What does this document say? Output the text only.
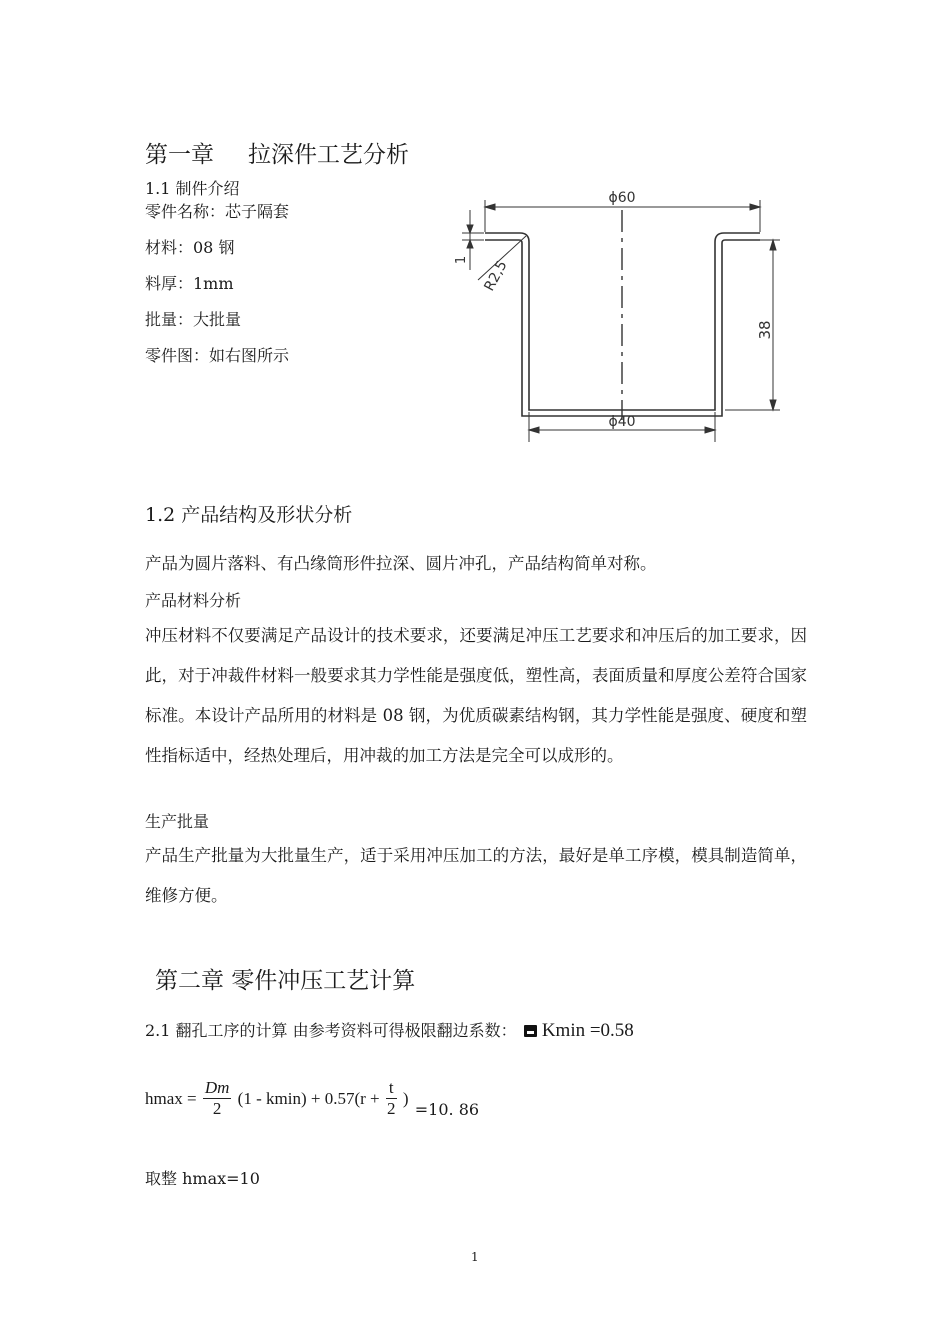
第一章 拉深件工艺分析
1.1 制件介绍
零件名称：芯子隔套
材料：08 钢
料厚：1mm
批量：大批量
零件图：如右图所示
ϕ60
ϕ40
38
1 R2,5
1.2 产品结构及形状分析
产品为圆片落料、有凸缘筒形件拉深、圆片冲孔，产品结构简单对称。
产品材料分析
冲压材料不仅要满足产品设计的技术要求，还要满足冲压工艺要求和冲压后的加工要求，因此，对于冲裁件材料一般要求其力学性能是强度低，塑性高，表面质量和厚度公差符合国家标准。本设计产品所用的材料是 08 钢，为优质碳素结构钢，其力学性能是强度、硬度和塑性指标适中，经热处理后，用冲裁的加工方法是完全可以成形的。
生产批量
产品生产批量为大批量生产，适于采用冲压加工的方法，最好是单工序模，模具制造简单，维修方便。
第二章 零件冲压工艺计算
2.1 翻孔工序的计算 由参考资料可得极限翻边系数： Kmin =0.58
$hmax = \frac{Dm}{2} (1 - kmin) + 0.57(r + \frac{t}{2}$ ) =10. 86
取整 hmax=10
1
